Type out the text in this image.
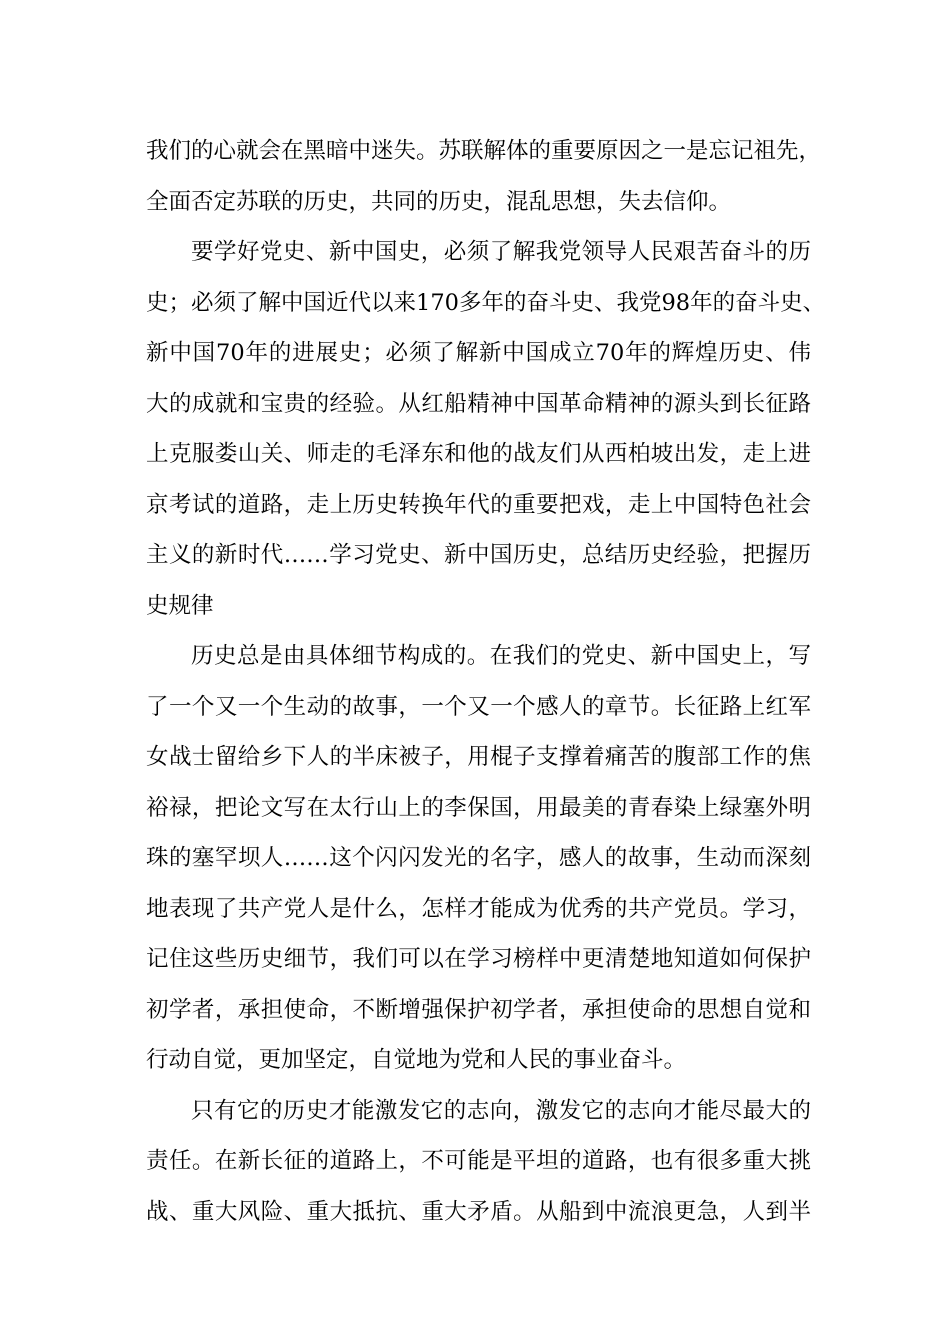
我们的心就会在黑暗中迷失。苏联解体的重要原因之一是忘记祖先，
全面否定苏联的历史，共同的历史，混乱思想，失去信仰。
要学好党史、新中国史，必须了解我党领导人民艰苦奋斗的历
史；必须了解中国近代以来170多年的奋斗史、我党98年的奋斗史、
新中国70年的进展史；必须了解新中国成立70年的辉煌历史、伟
大的成就和宝贵的经验。从红船精神中国革命精神的源头到长征路
上克服娄山关、师走的毛泽东和他的战友们从西柏坡出发，走上进
京考试的道路，走上历史转换年代的重要把戏，走上中国特色社会
主义的新时代……学习党史、新中国历史，总结历史经验，把握历
史规律
历史总是由具体细节构成的。在我们的党史、新中国史上，写
了一个又一个生动的故事，一个又一个感人的章节。长征路上红军
女战士留给乡下人的半床被子，用棍子支撑着痛苦的腹部工作的焦
裕禄，把论文写在太行山上的李保国，用最美的青春染上绿塞外明
珠的塞罕坝人……这个闪闪发光的名字，感人的故事，生动而深刻
地表现了共产党人是什么，怎样才能成为优秀的共产党员。学习，
记住这些历史细节，我们可以在学习榜样中更清楚地知道如何保护
初学者，承担使命，不断增强保护初学者，承担使命的思想自觉和
行动自觉，更加坚定，自觉地为党和人民的事业奋斗。
只有它的历史才能激发它的志向，激发它的志向才能尽最大的
责任。在新长征的道路上，不可能是平坦的道路，也有很多重大挑
战、重大风险、重大抵抗、重大矛盾。从船到中流浪更急，人到半
